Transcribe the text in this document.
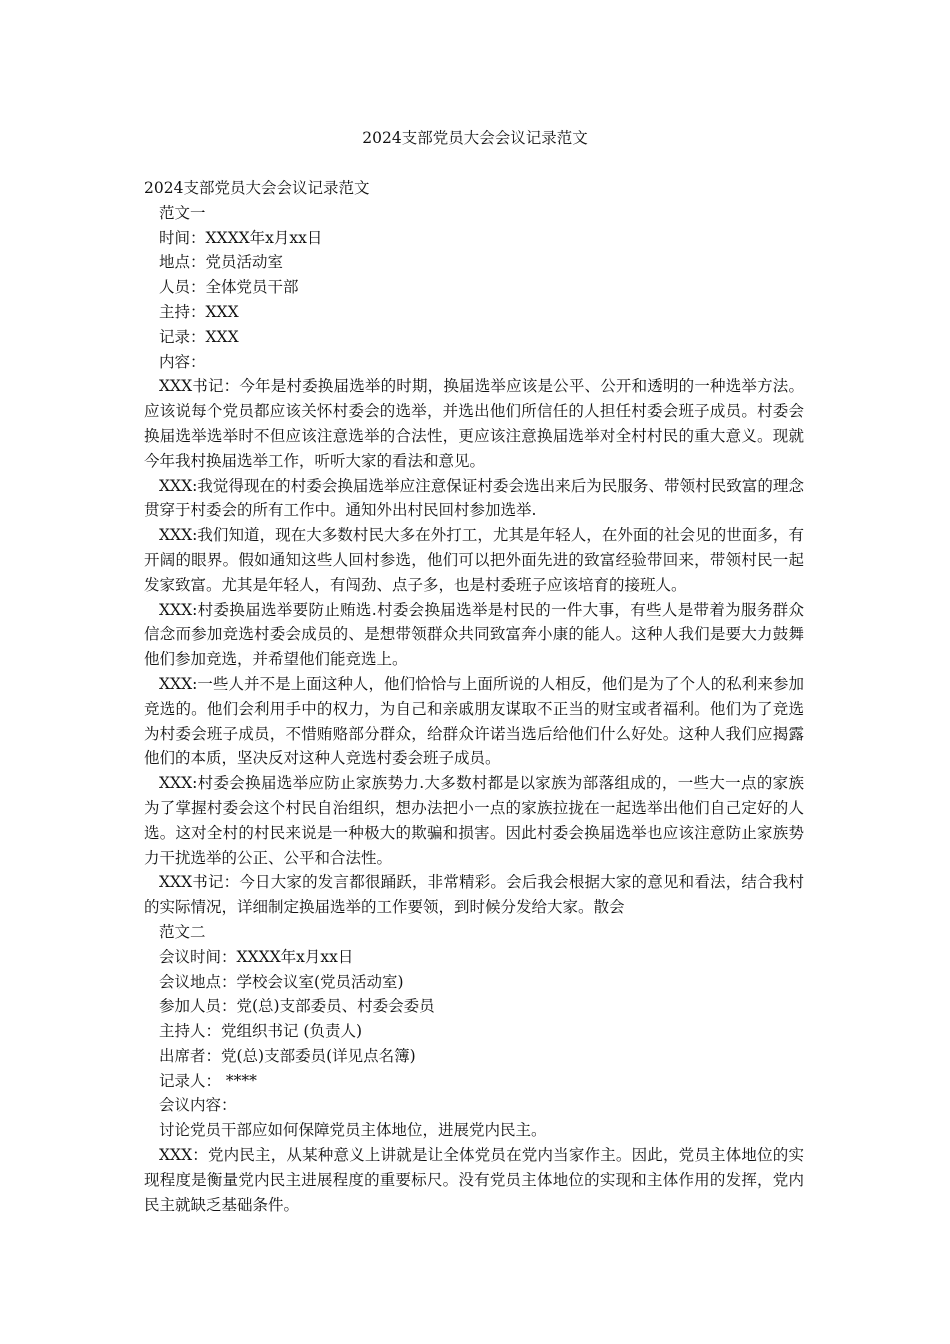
2024支部党员大会会议记录范文
2024支部党员大会会议记录范文
范文一
时间：XXXX年x月xx日
地点：党员活动室
人员：全体党员干部
主持：XXX
记录：XXX
内容：
XXX书记：今年是村委换届选举的时期，换届选举应该是公平、公开和透明的一种选举方法。应该说每个党员都应该关怀村委会的选举，并选出他们所信任的人担任村委会班子成员。村委会换届选举选举时不但应该注意选举的合法性，更应该注意换届选举对全村村民的重大意义。现就今年我村换届选举工作，听听大家的看法和意见。
XXX:我觉得现在的村委会换届选举应注意保证村委会选出来后为民服务、带领村民致富的理念贯穿于村委会的所有工作中。通知外出村民回村参加选举.
XXX:我们知道，现在大多数村民大多在外打工，尤其是年轻人，在外面的社会见的世面多，有开阔的眼界。假如通知这些人回村参选，他们可以把外面先进的致富经验带回来，带领村民一起发家致富。尤其是年轻人，有闯劲、点子多，也是村委班子应该培育的接班人。
XXX:村委换届选举要防止贿选.村委会换届选举是村民的一件大事，有些人是带着为服务群众信念而参加竞选村委会成员的、是想带领群众共同致富奔小康的能人。这种人我们是要大力鼓舞他们参加竞选，并希望他们能竞选上。
XXX:一些人并不是上面这种人，他们恰恰与上面所说的人相反，他们是为了个人的私利来参加竞选的。他们会利用手中的权力，为自己和亲戚朋友谋取不正当的财宝或者福利。他们为了竞选为村委会班子成员，不惜贿赂部分群众，给群众许诺当选后给他们什么好处。这种人我们应揭露他们的本质，坚决反对这种人竞选村委会班子成员。
XXX:村委会换届选举应防止家族势力.大多数村都是以家族为部落组成的，一些大一点的家族为了掌握村委会这个村民自治组织，想办法把小一点的家族拉拢在一起选举出他们自己定好的人选。这对全村的村民来说是一种极大的欺骗和损害。因此村委会换届选举也应该注意防止家族势力干扰选举的公正、公平和合法性。
XXX书记：今日大家的发言都很踊跃，非常精彩。会后我会根据大家的意见和看法，结合我村的实际情况，详细制定换届选举的工作要领，到时候分发给大家。散会
范文二
会议时间：XXXX年x月xx日
会议地点：学校会议室(党员活动室)
参加人员：党(总)支部委员、村委会委员
主持人：党组织书记 (负责人)
出席者：党(总)支部委员(详见点名簿)
记录人： ****
会议内容：
讨论党员干部应如何保障党员主体地位，进展党内民主。
XXX：党内民主，从某种意义上讲就是让全体党员在党内当家作主。因此，党员主体地位的实现程度是衡量党内民主进展程度的重要标尺。没有党员主体地位的实现和主体作用的发挥，党内民主就缺乏基础条件。
